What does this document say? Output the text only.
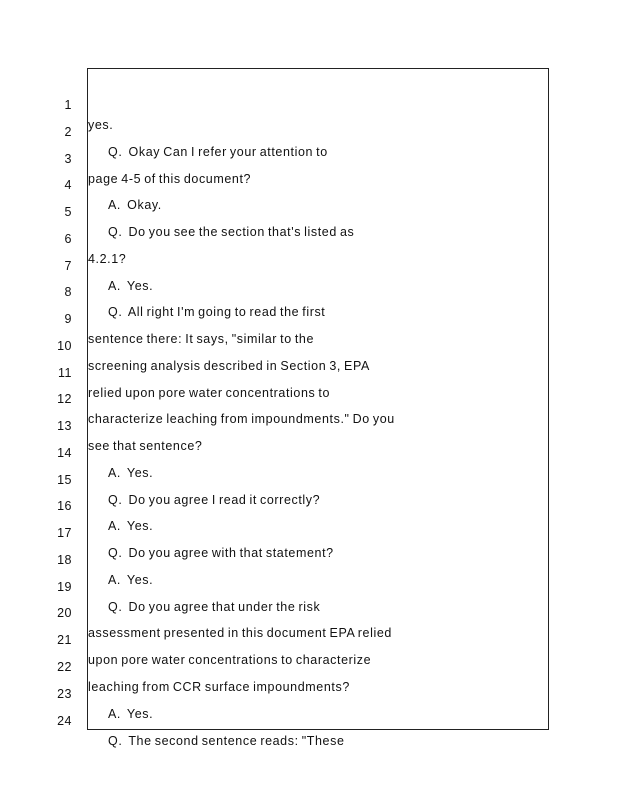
1

yes.

2

Q.  Okay Can I refer your attention to

3

page 4-5 of this document?

4

A.  Okay.

5

Q.  Do you see the section that's listed as

6

4.2.1?

7

A.  Yes.

8

Q.  All right I'm going to read the first

9

sentence there: It says, "similar to the

10

screening analysis described in Section 3, EPA

11

relied upon pore water concentrations to

12

characterize leaching from impoundments." Do you

13

see that sentence?

14

A.  Yes.

15

Q.  Do you agree I read it correctly?

16

A.  Yes.

17

Q.  Do you agree with that statement?

18

A.  Yes.

19

Q.  Do you agree that under the risk

20

assessment presented in this document EPA relied

21

upon pore water concentrations to characterize

22

leaching from CCR surface impoundments?

23

A.  Yes.

24

Q.  The second sentence reads: "These
